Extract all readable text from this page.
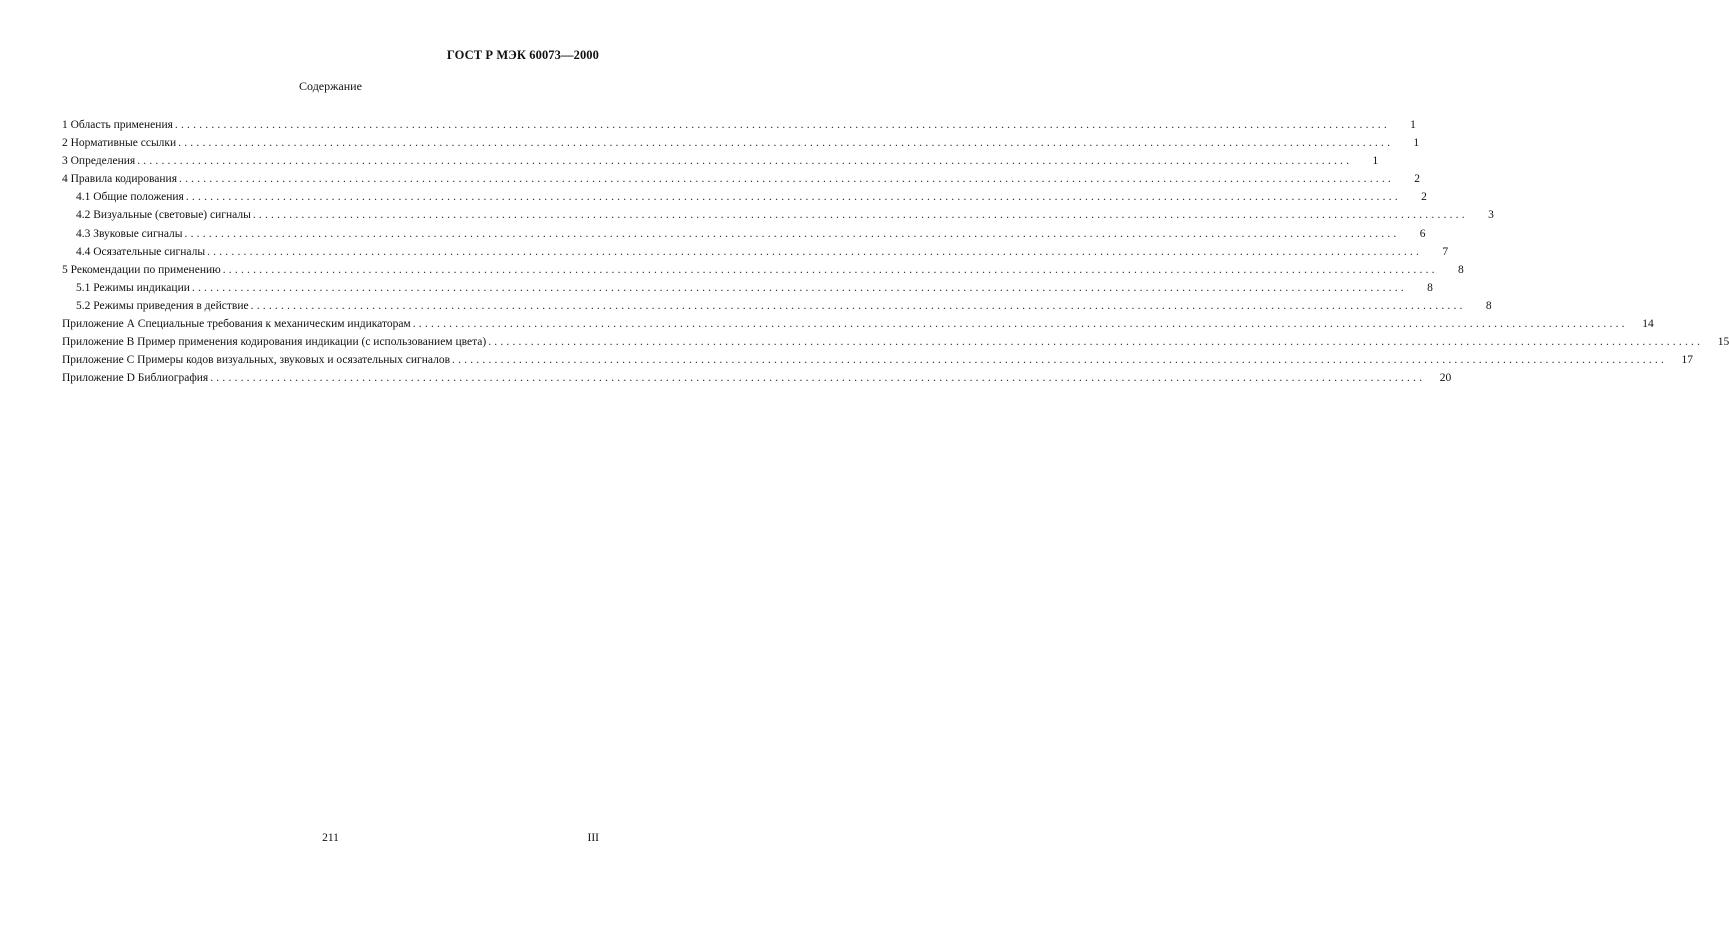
ГОСТ Р МЭК 60073—2000
Содержание
1 Область применения ........................................................................................................................................................................................................	1
2 Нормативные ссылки ........................................................................................................................................................................................................	1
3 Определения ........................................................................................................................................................................................................	1
4 Правила кодирования ........................................................................................................................................................................................................	2
4.1 Общие положения ........................................................................................................................................................................................................	2
4.2 Визуальные (световые) сигналы ........................................................................................................................................................................................................	3
4.3 Звуковые сигналы ........................................................................................................................................................................................................	6
4.4 Осязательные сигналы ........................................................................................................................................................................................................	7
5 Рекомендации по применению ........................................................................................................................................................................................................	8
5.1 Режимы индикации ........................................................................................................................................................................................................	8
5.2 Режимы приведения в действие ........................................................................................................................................................................................................	8
Приложение А Специальные требования к механическим индикаторам ........................................................................................................................................................................................................	14
Приложение В Пример применения кодирования индикации (с использованием цвета) ........................................................................................................................................................................................................	15
Приложение С Примеры кодов визуальных, звуковых и осязательных сигналов ........................................................................................................................................................................................................	17
Приложение D Библиография ........................................................................................................................................................................................................	20
211	III
